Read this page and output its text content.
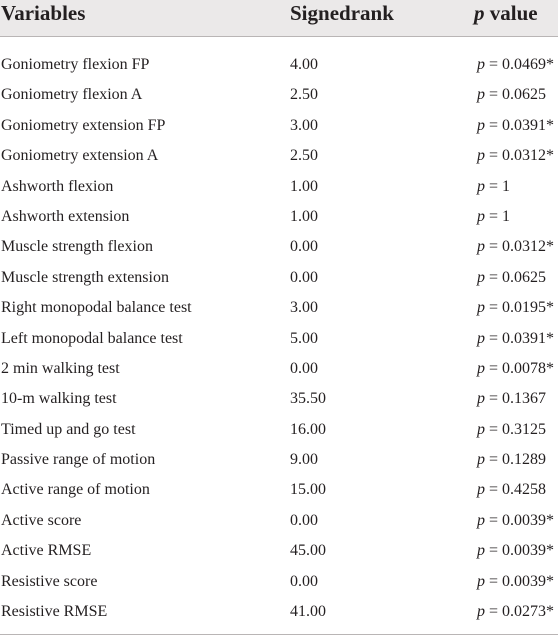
Variables	Signedrank	p value
Goniometry flexion FP	4.00	p = 0.0469*
Goniometry flexion A	2.50	p = 0.0625
Goniometry extension FP	3.00	p = 0.0391*
Goniometry extension A	2.50	p = 0.0312*
Ashworth flexion	1.00	p = 1
Ashworth extension	1.00	p = 1
Muscle strength flexion	0.00	p = 0.0312*
Muscle strength extension	0.00	p = 0.0625
Right monopodal balance test	3.00	p = 0.0195*
Left monopodal balance test	5.00	p = 0.0391*
2 min walking test	0.00	p = 0.0078*
10-m walking test	35.50	p = 0.1367
Timed up and go test	16.00	p = 0.3125
Passive range of motion	9.00	p = 0.1289
Active range of motion	15.00	p = 0.4258
Active score	0.00	p = 0.0039*
Active RMSE	45.00	p = 0.0039*
Resistive score	0.00	p = 0.0039*
Resistive RMSE	41.00	p = 0.0273*
